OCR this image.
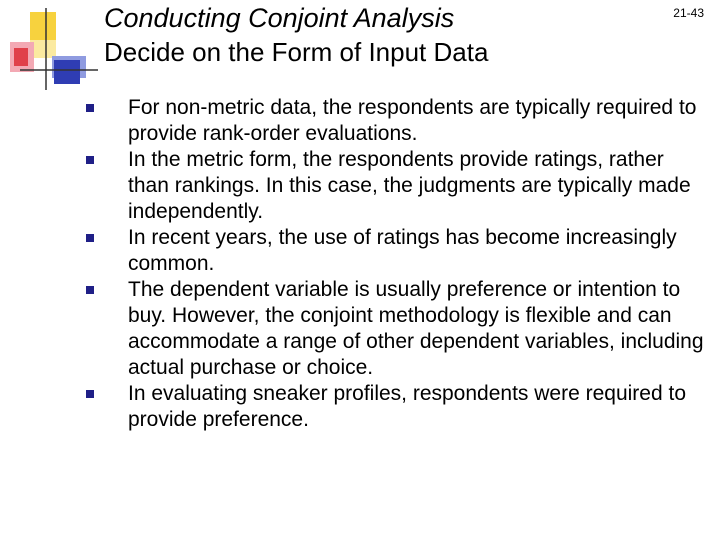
Conducting Conjoint Analysis
Decide on the Form of Input Data
21-43
For non-metric data, the respondents are typically required to provide rank-order evaluations.
In the metric form, the respondents provide ratings, rather than rankings. In this case, the judgments are typically made independently.
In recent years, the use of ratings has become increasingly common.
The dependent variable is usually preference or intention to buy. However, the conjoint methodology is flexible and can accommodate a range of other dependent variables, including actual purchase or choice.
In evaluating sneaker profiles, respondents were required to provide preference.
